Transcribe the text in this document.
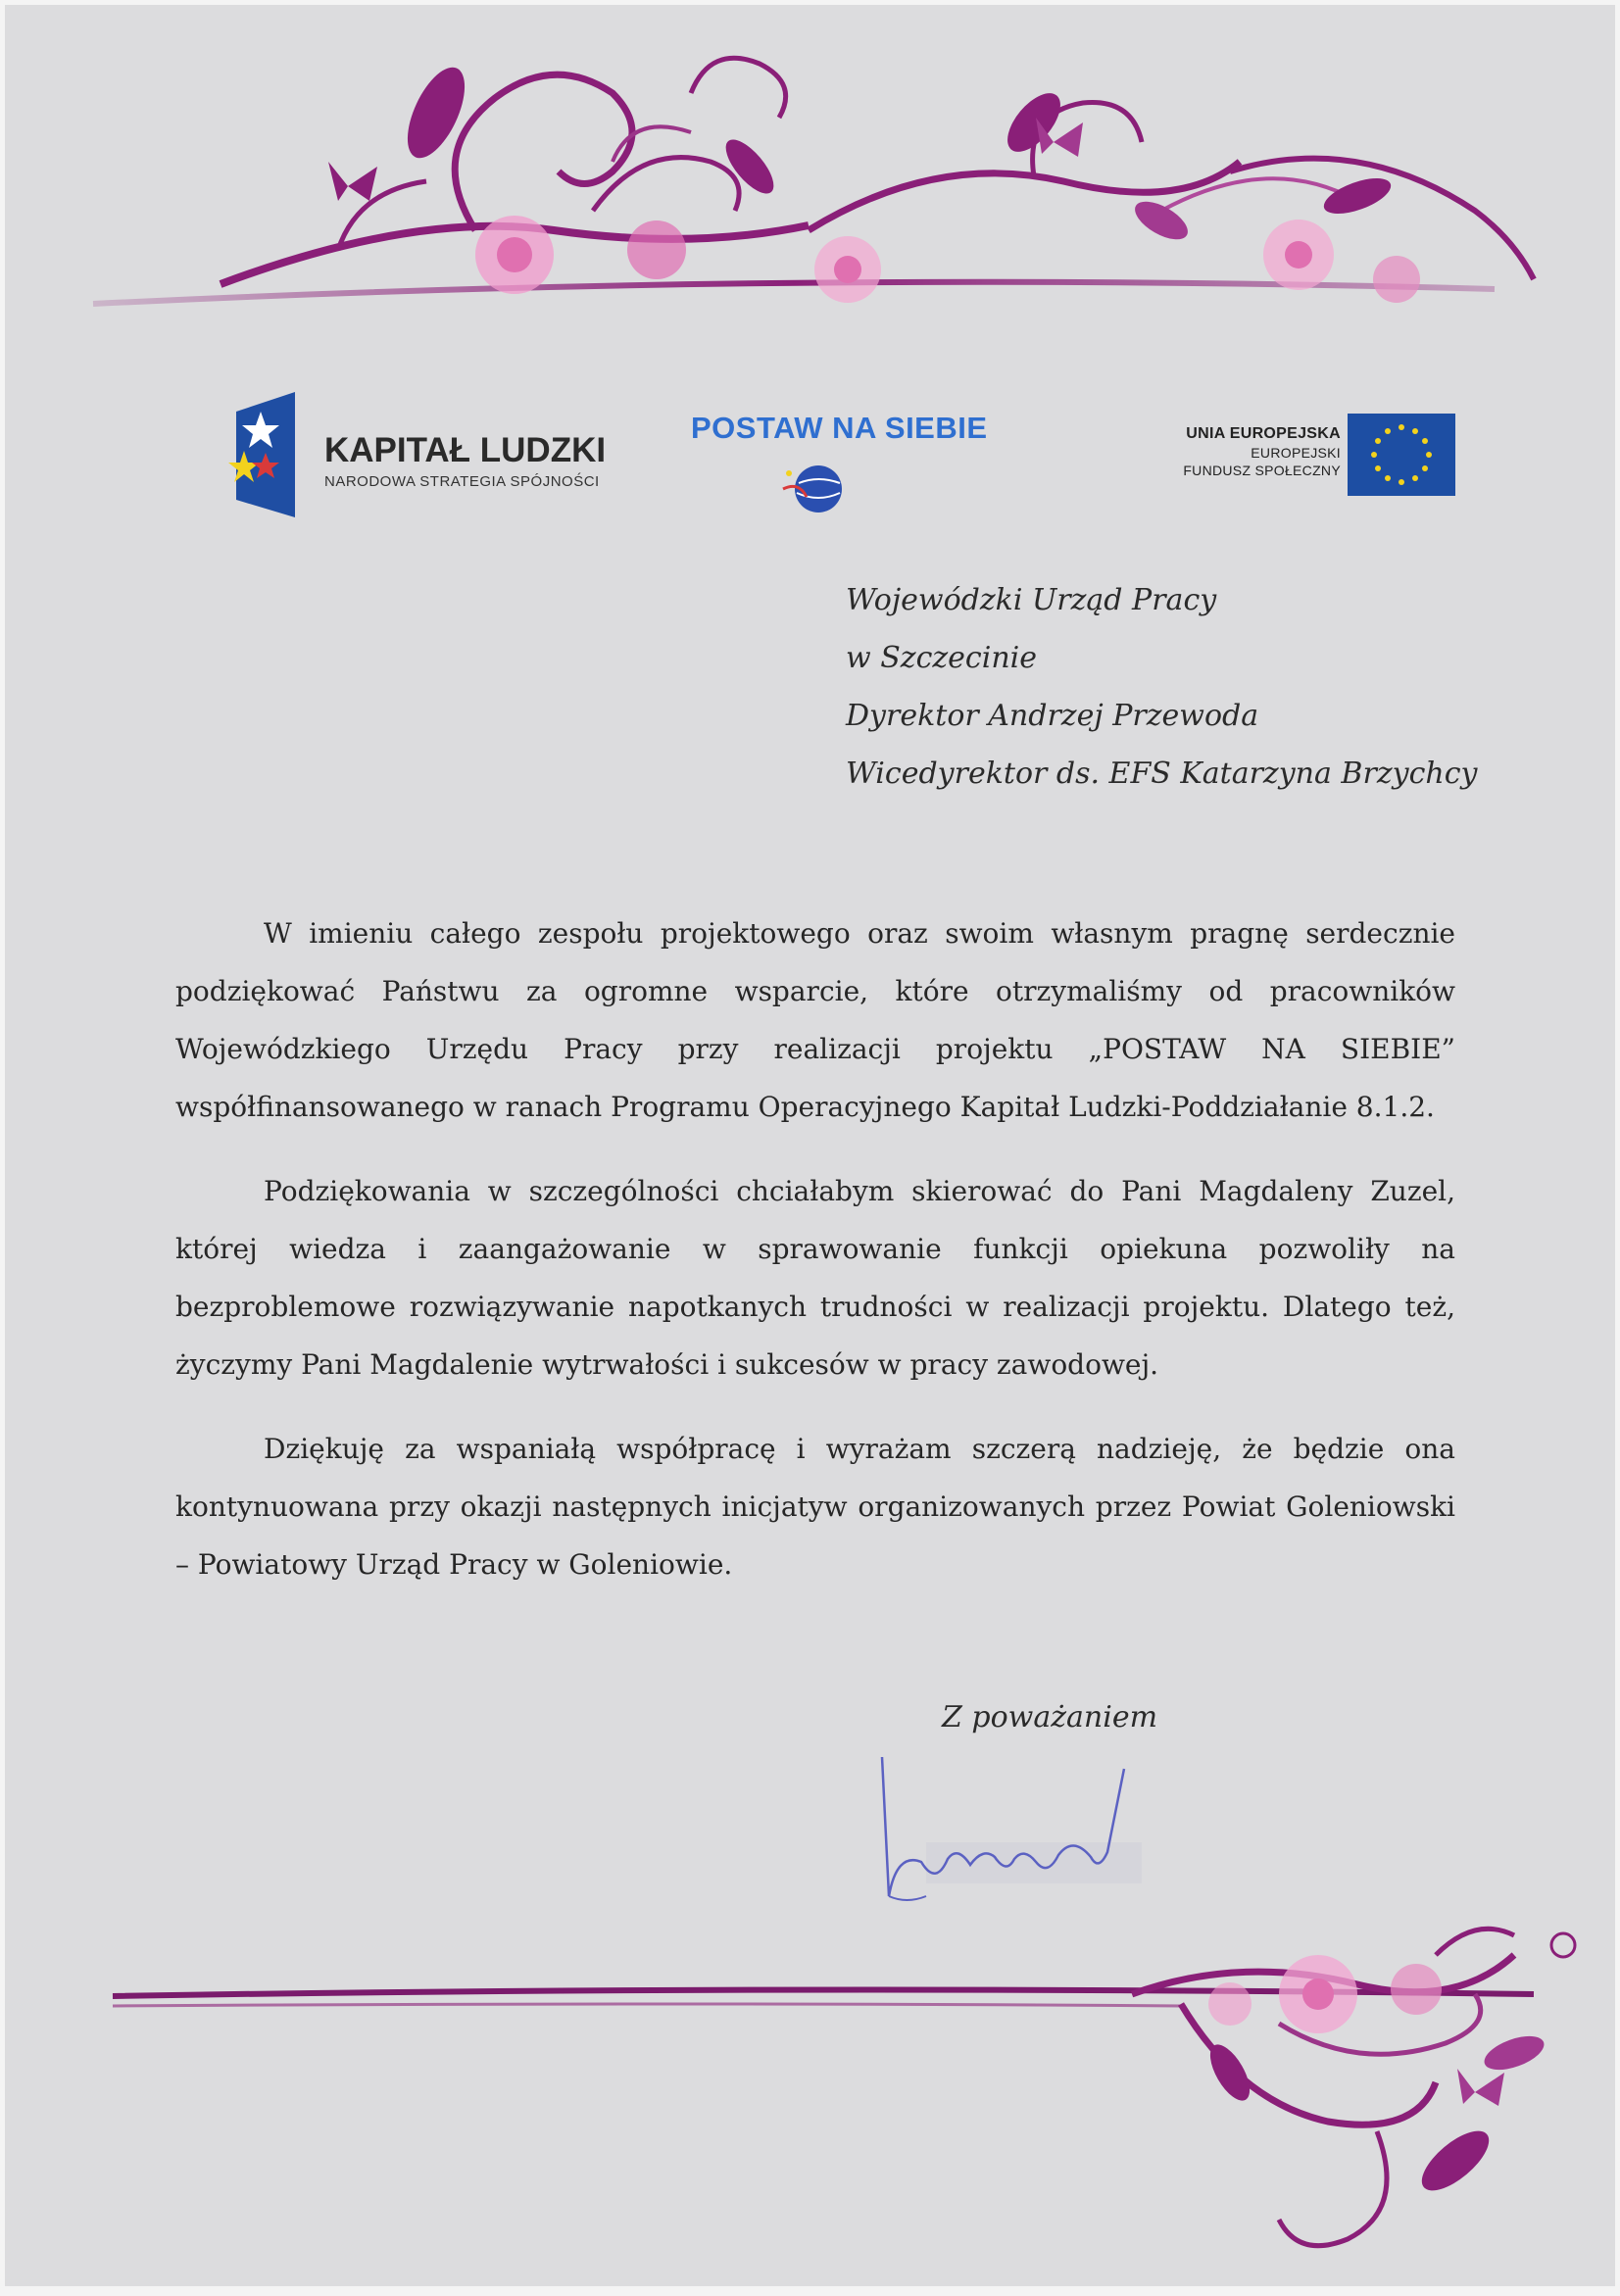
KAPITAŁ LUDZKI
NARODOWA STRATEGIA SPÓJNOŚCI
POSTAW NA SIEBIE	UNIA EUROPEJSKA
EUROPEJSKI
FUNDUSZ SPOŁECZNY
Wojewódzki Urząd Pracy
w Szczecinie
Dyrektor Andrzej Przewoda
Wicedyrektor ds. EFS Katarzyna Brzychcy

W imieniu całego zespołu projektowego oraz swoim własnym pragnę serdecznie podziękować Państwu za ogromne wsparcie, które otrzymaliśmy od pracowników Wojewódzkiego Urzędu Pracy przy realizacji projektu „POSTAW NA SIEBIE” współfinansowanego w ranach Programu Operacyjnego Kapitał Ludzki-Poddziałanie 8.1.2.

Podziękowania w szczególności chciałabym skierować do Pani Magdaleny Zuzel, której wiedza i zaangażowanie w sprawowanie funkcji opiekuna pozwoliły na bezproblemowe rozwiązywanie napotkanych trudności w realizacji projektu. Dlatego też, życzymy Pani Magdalenie wytrwałości i sukcesów w pracy zawodowej.

Dziękuję za wspaniałą współpracę i wyrażam szczerą nadzieję, że będzie ona kontynuowana przy okazji następnych inicjatyw organizowanych przez Powiat Goleniowski – Powiatowy Urząd Pracy w Goleniowie.

Z poważaniem
